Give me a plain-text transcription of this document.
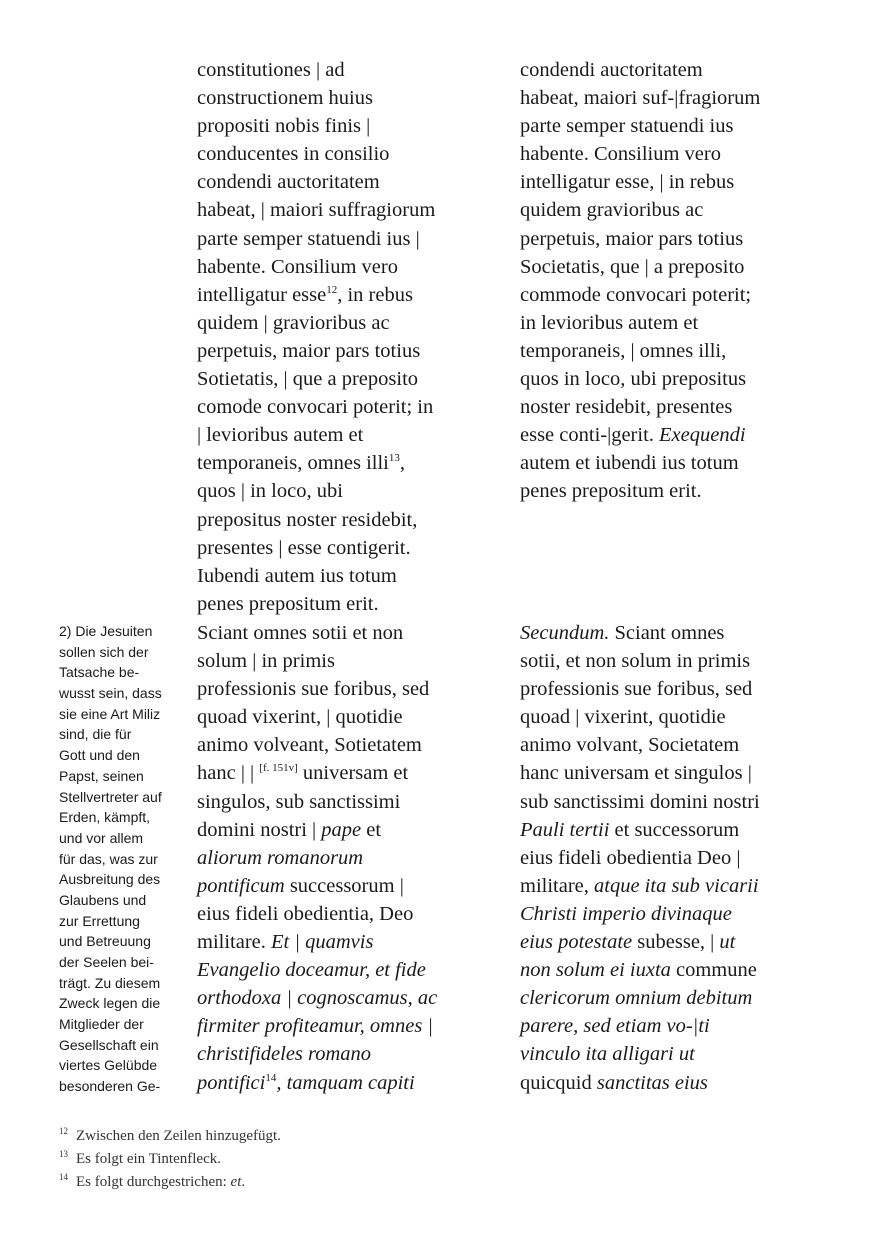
constitutiones | ad
constructionem huius
propositi nobis finis |
conducentes in consilio
condendi auctoritatem
habeat, | maiori suffragiorum
parte semper statuendi ius |
habente. Consilium vero
intelligatur esse$^{12}$, in rebus
quidem | gravioribus ac
perpetuis, maior pars totius
Sotietatis, | que a preposito
comode convocari poterit; in
| levioribus autem et
temporaneis, omnes illi$^{13}$,
quos | in loco, ubi
prepositus noster residebit,
presentes | esse contigerit.
Iubendi autem ius totum
penes prepositum erit.
condendi auctoritatem
habeat, maiori suf-|fragiorum
parte semper statuendi ius
habente. Consilium vero
intelligatur esse, | in rebus
quidem gravioribus ac
perpetuis, maior pars totius
Societatis, que | a preposito
commode convocari poterit;
in levioribus autem et
temporaneis, | omnes illi,
quos in loco, ubi prepositus
noster residebit, presentes
esse conti-|gerit. Exequendi
autem et iubendi ius totum
penes prepositum erit.
Sciant omnes sotii et non
solum | in primis
professionis sue foribus, sed
quoad vixerint, | quotidie
animo volveant, Sotietatem
hanc | | [f. 151v] universam et
singulos, sub sanctissimi
domini nostri | pape et
aliorum romanorum
pontificum successorum |
eius fideli obedientia, Deo
militare. Et | quamvis
Evangelio doceamur, et fide
orthodoxa | cognoscamus, ac
firmiter profiteamur, omnes |
christifideles romano
pontifici$^{14}$, tamquam capiti
Secundum. Sciant omnes
sotii, et non solum in primis
professionis sue foribus, sed
quoad | vixerint, quotidie
animo volvant, Societatem
hanc universam et singulos |
sub sanctissimi domini nostri
Pauli tertii et successorum
eius fideli obedientia Deo |
militare, atque ita sub vicarii
Christi imperio divinaque
eius potestate subesse, | ut
non solum ei iuxta commune
clericorum omnium debitum
parere, sed etiam vo-|ti
vinculo ita alligari ut
quicquid sanctitas eius
2) Die Jesuiten
sollen sich der
Tatsache be-
wusst sein, dass
sie eine Art Miliz
sind, die für
Gott und den
Papst, seinen
Stellvertreter auf
Erden, kämpft,
und vor allem
für das, was zur
Ausbreitung des
Glaubens und
zur Errettung
und Betreuung
der Seelen bei-
trägt. Zu diesem
Zweck legen die
Mitglieder der
Gesellschaft ein
viertes Gelübde
besonderen Ge-
$^{12}$ Zwischen den Zeilen hinzugefügt.
$^{13}$ Es folgt ein Tintenfleck.
$^{14}$ Es folgt durchgestrichen: et.
